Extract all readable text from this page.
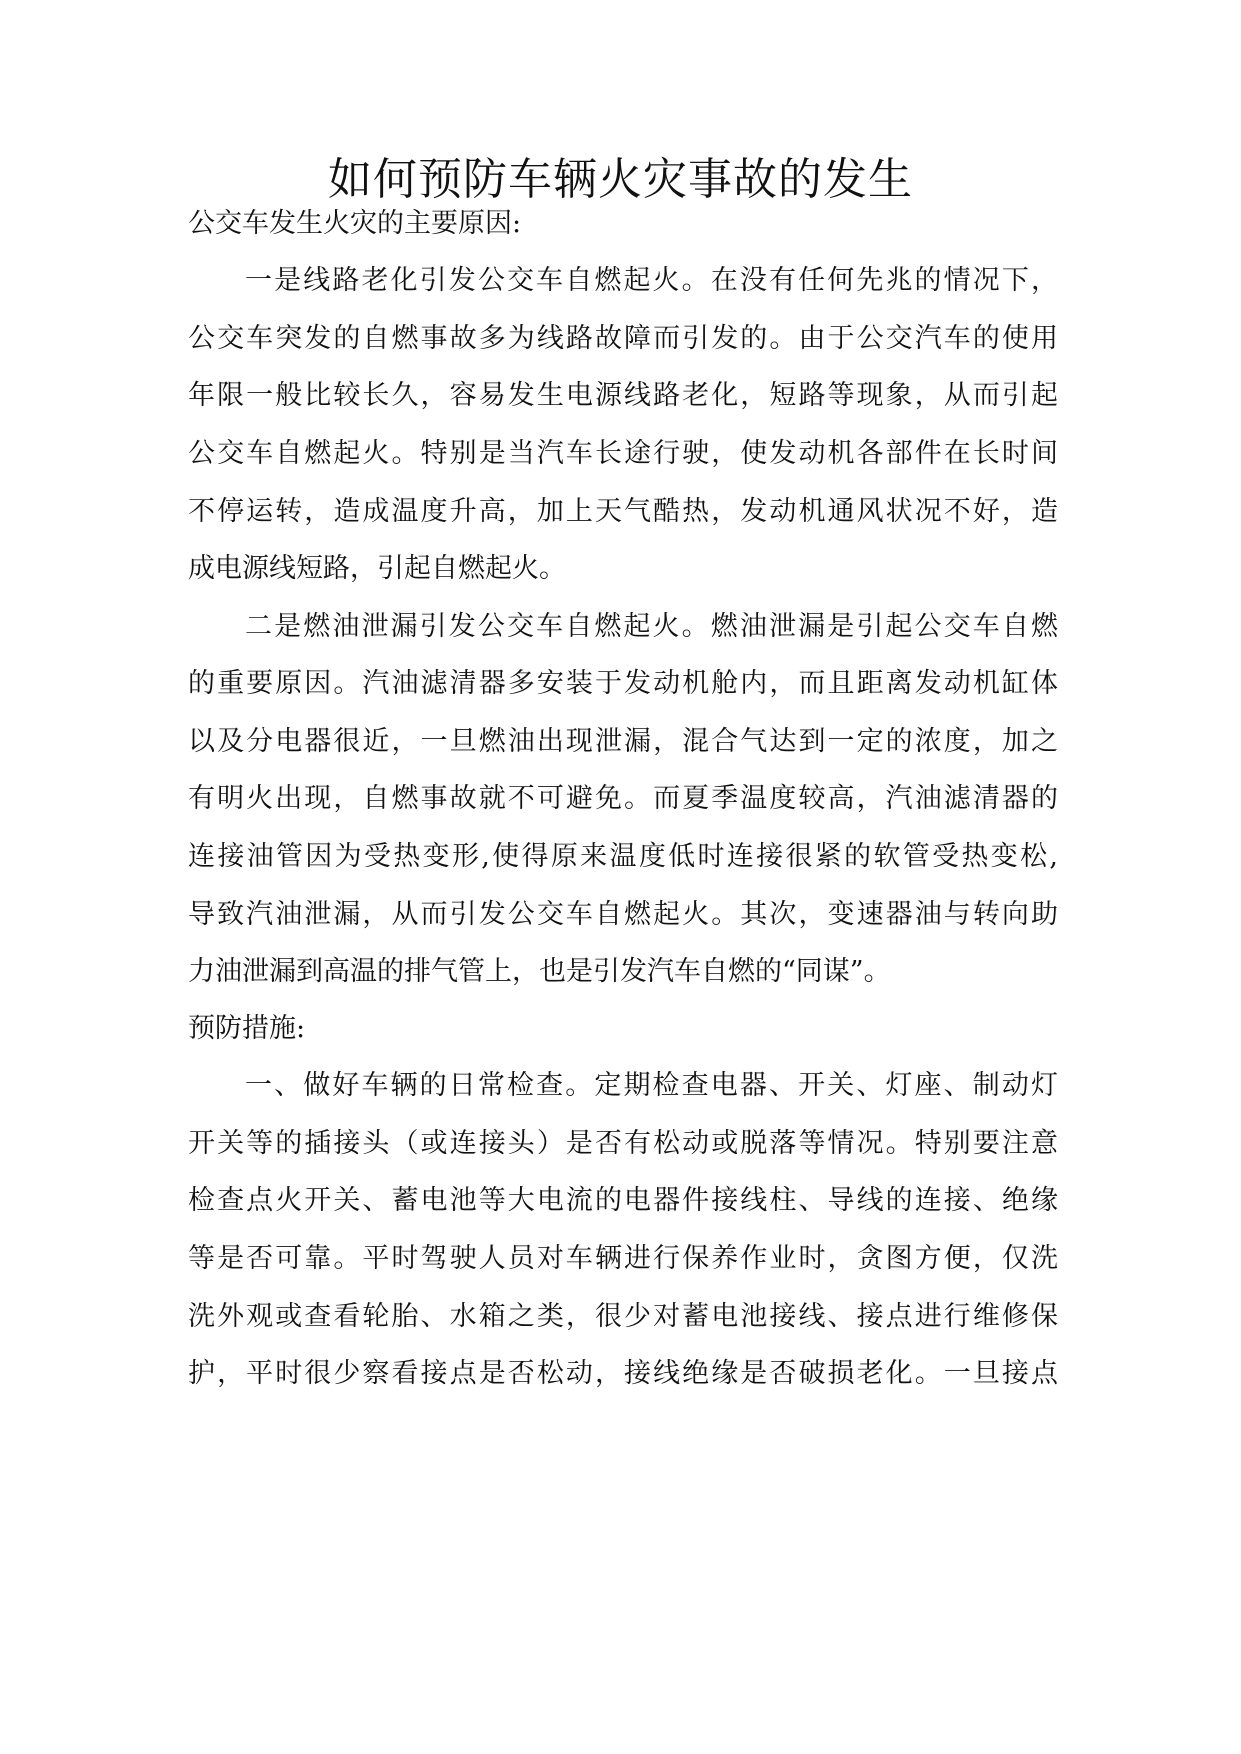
如何预防车辆火灾事故的发生

公交车发生火灾的主要原因:

一是线路老化引发公交车自燃起火。在没有任何先兆的情况下，

公交车突发的自燃事故多为线路故障而引发的。由于公交汽车的使用

年限一般比较长久，容易发生电源线路老化，短路等现象，从而引起

公交车自燃起火。特别是当汽车长途行驶，使发动机各部件在长时间

不停运转，造成温度升高，加上天气酷热，发动机通风状况不好，造

成电源线短路，引起自燃起火。

二是燃油泄漏引发公交车自燃起火。燃油泄漏是引起公交车自燃

的重要原因。汽油滤清器多安装于发动机舱内，而且距离发动机缸体

以及分电器很近，一旦燃油出现泄漏，混合气达到一定的浓度，加之

有明火出现，自燃事故就不可避免。而夏季温度较高，汽油滤清器的

连接油管因为受热变形,使得原来温度低时连接很紧的软管受热变松,

导致汽油泄漏，从而引发公交车自燃起火。其次，变速器油与转向助

力油泄漏到高温的排气管上，也是引发汽车自燃的“同谋”。

预防措施:

一、做好车辆的日常检查。定期检查电器、开关、灯座、制动灯

开关等的插接头（或连接头）是否有松动或脱落等情况。特别要注意

检查点火开关、蓄电池等大电流的电器件接线柱、导线的连接、绝缘

等是否可靠。平时驾驶人员对车辆进行保养作业时，贪图方便，仅洗

洗外观或查看轮胎、水箱之类，很少对蓄电池接线、接点进行维修保

护，平时很少察看接点是否松动，接线绝缘是否破损老化。一旦接点
